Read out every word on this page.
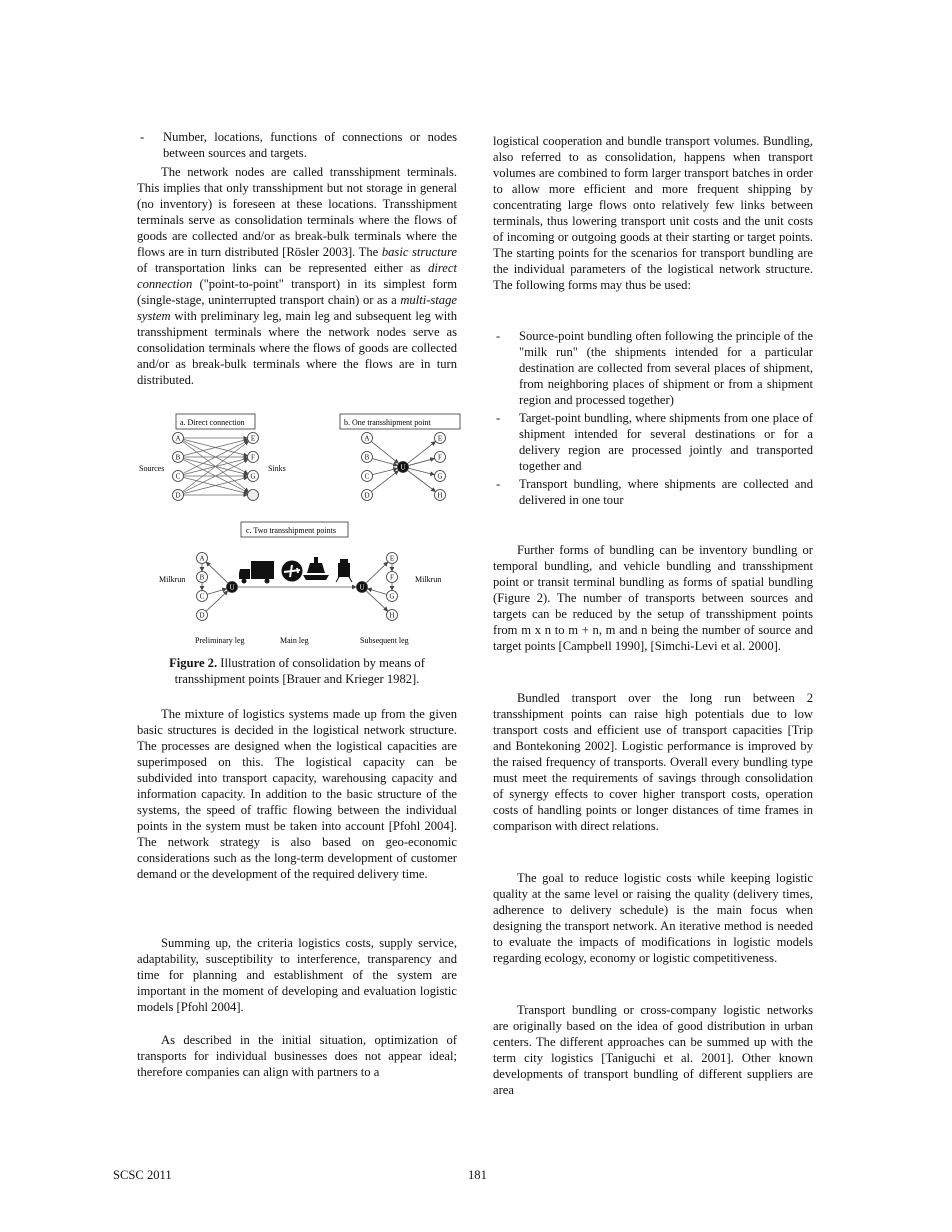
- Number, locations, functions of connections or nodes between sources and targets.

The network nodes are called transshipment terminals. This implies that only transshipment but not storage in general (no inventory) is foreseen at these locations. Transshipment terminals serve as consolidation terminals where the flows of goods are collected and/or as break-bulk terminals where the flows are in turn distributed [Rösler 2003]. The basic structure of transportation links can be represented either as direct connection ("point-to-point" transport) in its simplest form (single-stage, uninterrupted transport chain) or as a multi-stage system with preliminary leg, main leg and subsequent leg with transshipment terminals where the network nodes serve as consolidation terminals where the flows of goods are collected and/or as break-bulk terminals where the flows are in turn distributed.

a. Direct connection
Sources	Sinks
b. One transshipment point
c. Two transshipment points
Milkrun	Milkrun
Preliminary leg	Main leg	Subsequent leg
A
B
C
D
E
F
G
A
B
C
D
E
F
G
H
U
A
B
C
D
E
F
G
H
U	U
Figure 2. Illustration of consolidation by means of transshipment points [Brauer and Krieger 1982].

The mixture of logistics systems made up from the given basic structures is decided in the logistical network structure. The processes are designed when the logistical capacities are superimposed on this. The logistical capacity can be subdivided into transport capacity, warehousing capacity and information capacity. In addition to the basic structure of the systems, the speed of traffic flowing between the individual points in the system must be taken into account [Pfohl 2004]. The network strategy is also based on geo-economic considerations such as the long-term development of customer demand or the development of the required delivery time.

Summing up, the criteria logistics costs, supply service, adaptability, susceptibility to interference, transparency and time for planning and establishment of the system are important in the moment of developing and evaluation logistic models [Pfohl 2004].

As described in the initial situation, optimization of transports for individual businesses does not appear ideal; therefore companies can align with partners to a

logistical cooperation and bundle transport volumes. Bundling, also referred to as consolidation, happens when transport volumes are combined to form larger transport batches in order to allow more efficient and more frequent shipping by concentrating large flows onto relatively few links between terminals, thus lowering transport unit costs and the unit costs of incoming or outgoing goods at their starting or target points. The starting points for the scenarios for transport bundling are the individual parameters of the logistical network structure. The following forms may thus be used:

- Source-point bundling often following the principle of the "milk run" (the shipments intended for a particular destination are collected from several places of shipment, from neighboring places of shipment or from a shipment region and processed together)
- Target-point bundling, where shipments from one place of shipment intended for several destinations or for a delivery region are processed jointly and transported together and
- Transport bundling, where shipments are collected and delivered in one tour

Further forms of bundling can be inventory bundling or temporal bundling, and vehicle bundling and transshipment point or transit terminal bundling as forms of spatial bundling (Figure 2). The number of transports between sources and targets can be reduced by the setup of transshipment points from m x n to m + n, m and n being the number of source and target points [Campbell 1990], [Simchi-Levi et al. 2000].

Bundled transport over the long run between 2 transshipment points can raise high potentials due to low transport costs and efficient use of transport capacities [Trip and Bontekoning 2002]. Logistic performance is improved by the raised frequency of transports. Overall every bundling type must meet the requirements of savings through consolidation of synergy effects to cover higher transport costs, operation costs of handling points or longer distances of time frames in comparison with direct relations.

The goal to reduce logistic costs while keeping logistic quality at the same level or raising the quality (delivery times, adherence to delivery schedule) is the main focus when designing the transport network. An iterative method is needed to evaluate the impacts of modifications in logistic models regarding ecology, economy or logistic competitiveness.

Transport bundling or cross-company logistic networks are originally based on the idea of good distribution in urban centers. The different approaches can be summed up with the term city logistics [Taniguchi et al. 2001]. Other known developments of transport bundling of different suppliers are area

SCSC 2011	181
